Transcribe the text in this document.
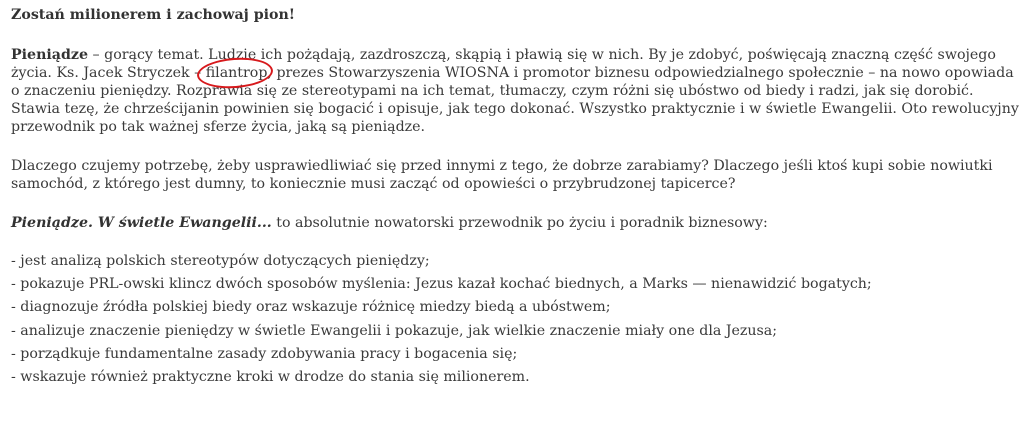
Zostań milionerem i zachowaj pion!

Pieniądze – gorący temat. Ludzie ich pożądają, zazdroszczą, skąpią i pławią się w nich. By je zdobyć, poświęcają znaczną część swojego życia. Ks. Jacek Stryczek – filantrop
, prezes Stowarzyszenia WIOSNA i promotor biznesu odpowiedzialnego społecznie – na nowo opowiada o znaczeniu pieniędzy. Rozprawia się ze stereotypami na ich temat, tłumaczy, czym różni się ubóstwo od biedy i radzi, jak się dorobić. Stawia tezę, że chrześcijanin powinien się bogacić i opisuje, jak tego dokonać. Wszystko praktycznie i w świetle Ewangelii. Oto rewolucyjny przewodnik po tak ważnej sferze życia, jaką są pieniądze.

Dlaczego czujemy potrzebę, żeby usprawiedliwiać się przed innymi z tego, że dobrze zarabiamy? Dlaczego jeśli ktoś kupi sobie nowiutki samochód, z którego jest dumny, to koniecznie musi zacząć od opowieści o przybrudzonej tapicerce?

Pieniądze. W świetle Ewangelii... to absolutnie nowatorski przewodnik po życiu i poradnik biznesowy:

- jest analizą polskich stereotypów dotyczących pieniędzy;
- pokazuje PRL-owski klincz dwóch sposobów myślenia: Jezus kazał kochać biednych, a Marks — nienawidzić bogatych;
- diagnozuje źródła polskiej biedy oraz wskazuje różnicę miedzy biedą a ubóstwem;
- analizuje znaczenie pieniędzy w świetle Ewangelii i pokazuje, jak wielkie znaczenie miały one dla Jezusa;
- porządkuje fundamentalne zasady zdobywania pracy i bogacenia się;
- wskazuje również praktyczne kroki w drodze do stania się milionerem.
